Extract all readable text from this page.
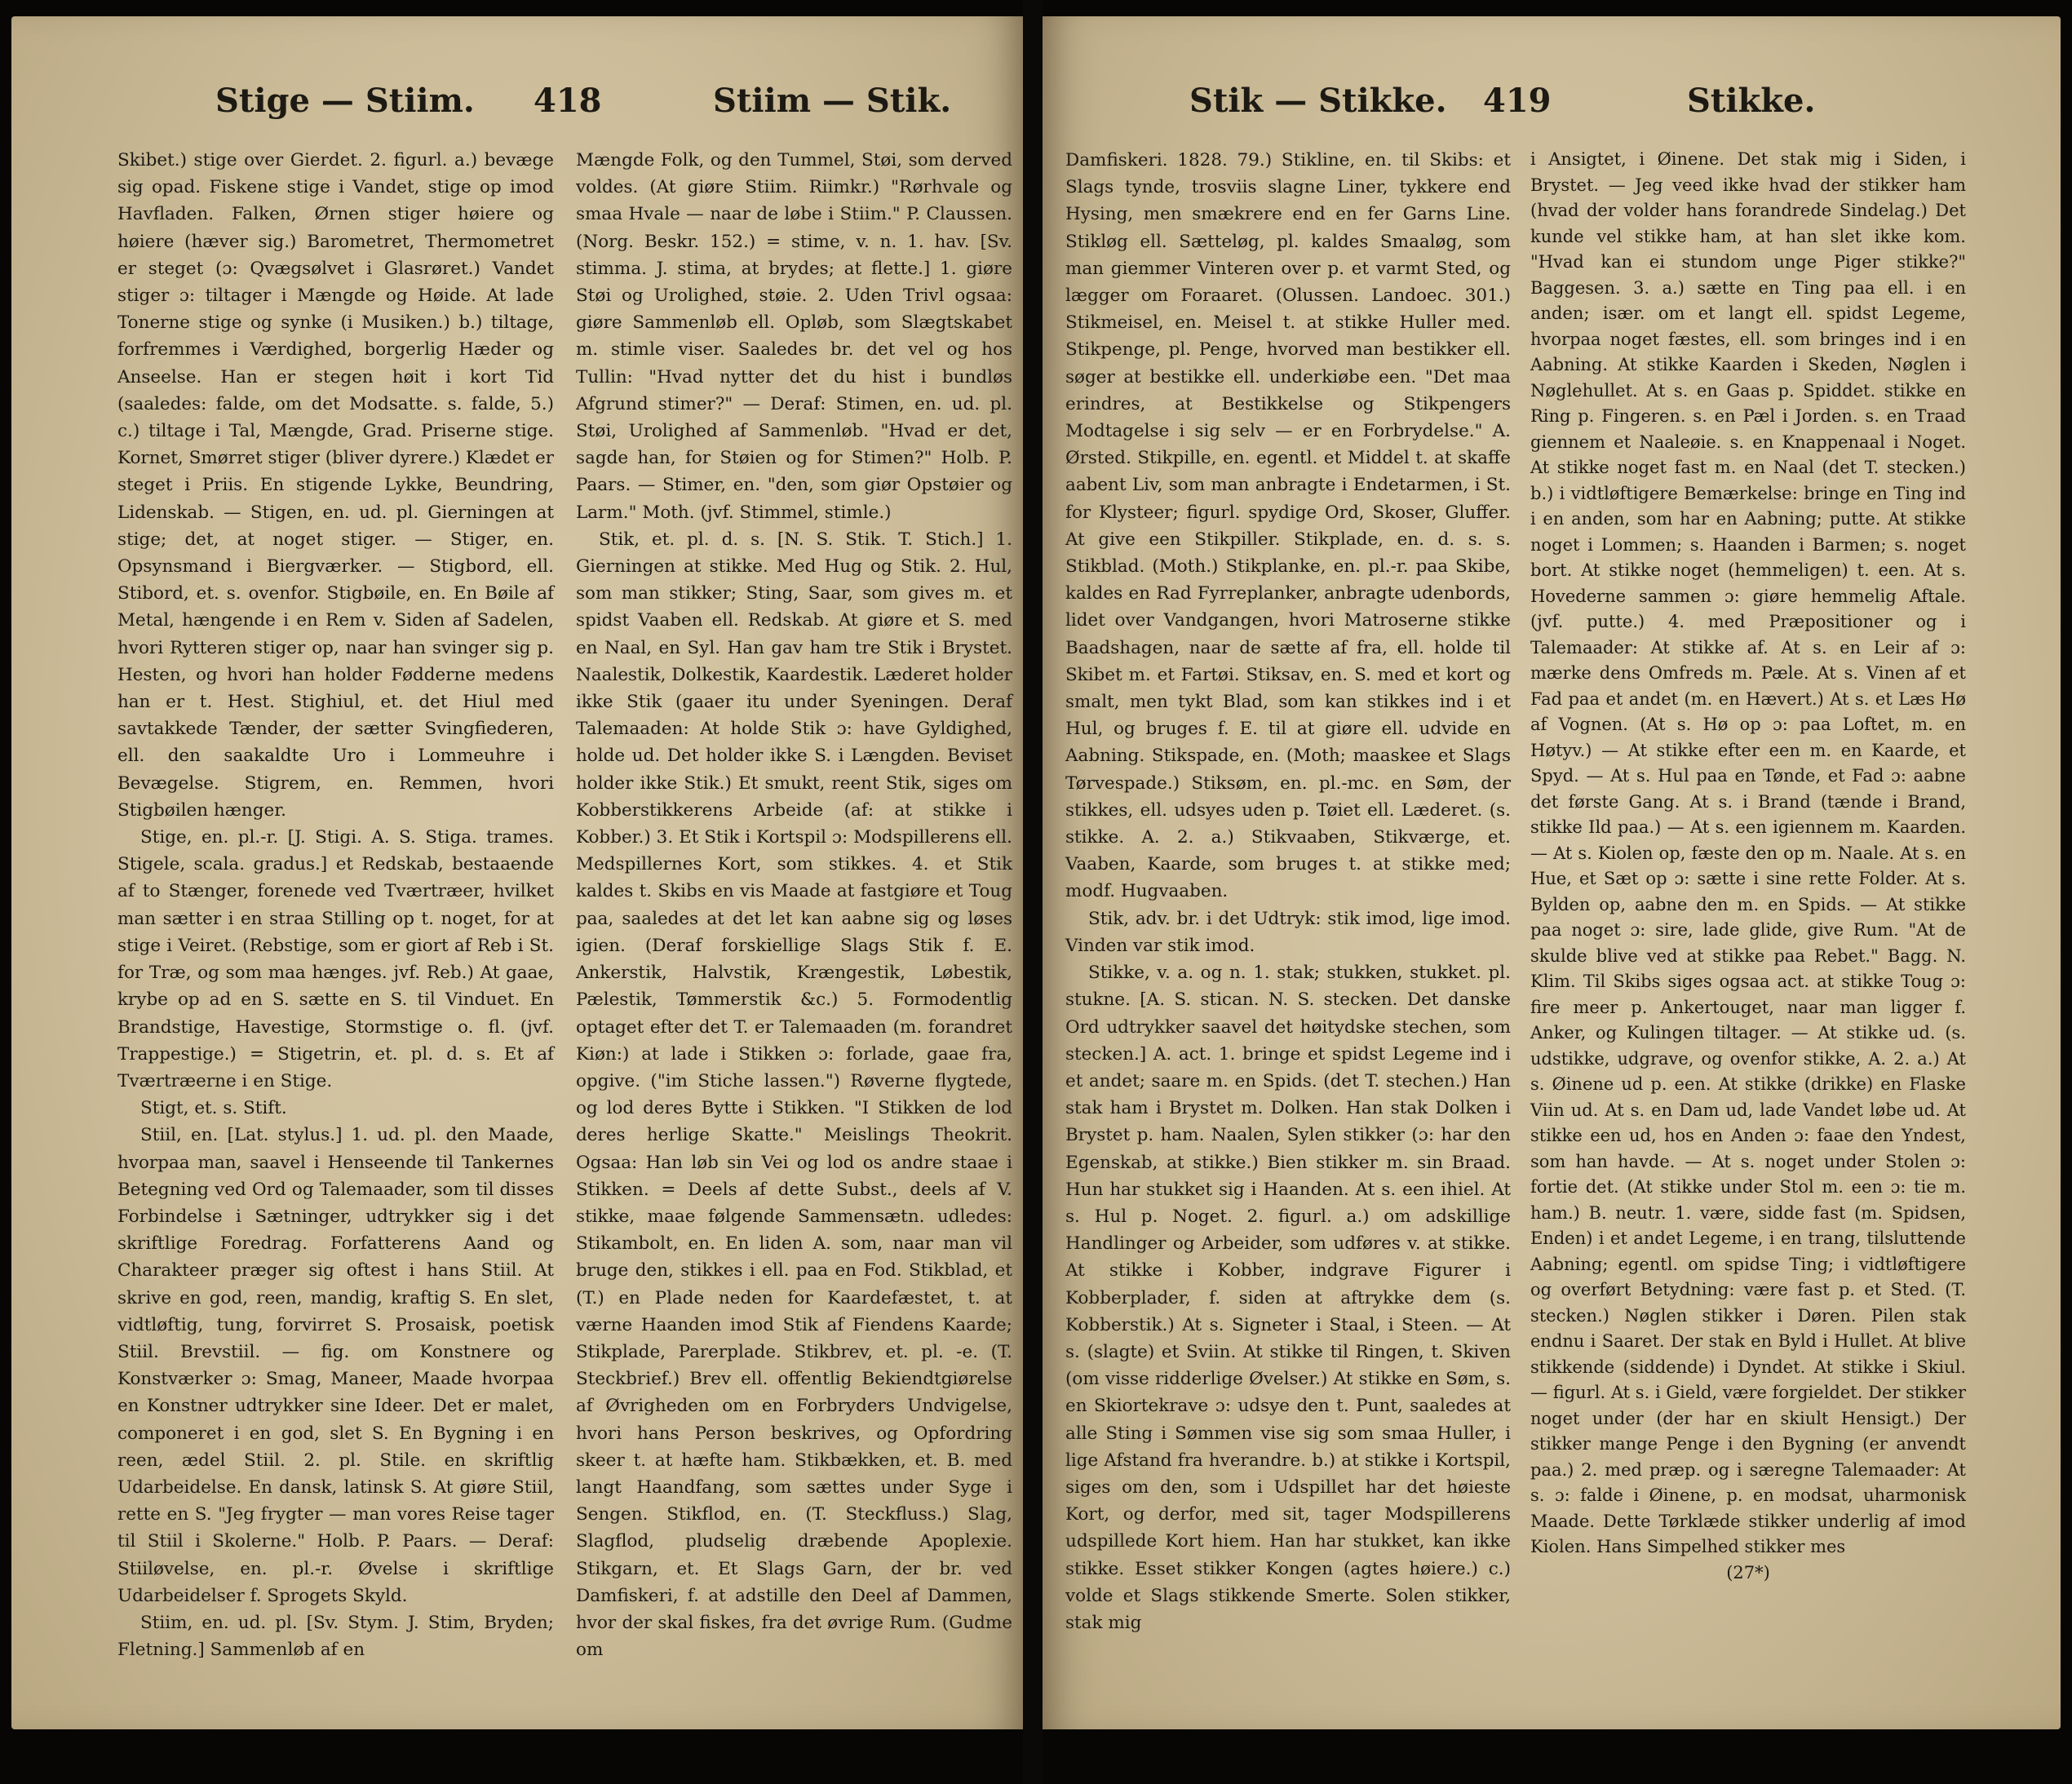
Stige — Stiim. 418	Stiim — Stik.

Skibet.) stige over Gierdet. 2. figurl. a.) bevæge sig opad. Fiskene stige i Vandet, stige op imod Havfladen. Falken, Ørnen stiger høiere og høiere (hæver sig.) Barometret, Thermometret er steget (ɔ: Qvægsølvet i Glasrøret.) Vandet stiger ɔ: tiltager i Mængde og Høide. At lade Tonerne stige og synke (i Musiken.) b.) tiltage, forfremmes i Værdighed, borgerlig Hæder og Anseelse. Han er stegen høit i kort Tid (saaledes: falde, om det Modsatte. s. falde, 5.) c.) tiltage i Tal, Mængde, Grad. Priserne stige. Kornet, Smørret stiger (bliver dyrere.) Klædet er steget i Priis. En stigende Lykke, Beundring, Lidenskab. — Stigen, en. ud. pl. Gierningen at stige; det, at noget stiger. — Stiger, en. Opsynsmand i Biergværker. — Stigbord, ell. Stibord, et. s. ovenfor. Stigbøile, en. En Bøile af Metal, hængende i en Rem v. Siden af Sadelen, hvori Rytteren stiger op, naar han svinger sig p. Hesten, og hvori han holder Fødderne medens han er t. Hest. Stighiul, et. det Hiul med savtakkede Tænder, der sætter Svingfiederen, ell. den saakaldte Uro i Lommeuhre i Bevægelse. Stigrem, en. Remmen, hvori Stigbøilen hænger.

Stige, en. pl.-r. [J. Stigi. A. S. Stiga. trames. Stigele, scala. gradus.] et Redskab, bestaaende af to Stænger, forenede ved Tværtræer, hvilket man sætter i en straa Stilling op t. noget, for at stige i Veiret. (Rebstige, som er giort af Reb i St. for Træ, og som maa hænges. jvf. Reb.) At gaae, krybe op ad en S. sætte en S. til Vinduet. En Brandstige, Havestige, Stormstige o. fl. (jvf. Trappestige.) = Stigetrin, et. pl. d. s. Et af Tværtræerne i en Stige.

Stigt, et. s. Stift.

Stiil, en. [Lat. stylus.] 1. ud. pl. den Maade, hvorpaa man, saavel i Henseende til Tankernes Betegning ved Ord og Talemaader, som til disses Forbindelse i Sætninger, udtrykker sig i det skriftlige Foredrag. Forfatterens Aand og Charakteer præger sig oftest i hans Stiil. At skrive en god, reen, mandig, kraftig S. En slet, vidtløftig, tung, forvirret S. Prosaisk, poetisk Stiil. Brevstiil. — fig. om Konstnere og Konstværker ɔ: Smag, Maneer, Maade hvorpaa en Konstner udtrykker sine Ideer. Det er malet, componeret i en god, slet S. En Bygning i en reen, ædel Stiil. 2. pl. Stile. en skriftlig Udarbeidelse. En dansk, latinsk S. At giøre Stiil, rette en S. "Jeg frygter — man vores Reise tager til Stiil i Skolerne." Holb. P. Paars. — Deraf: Stiiløvelse, en. pl.-r. Øvelse i skriftlige Udarbeidelser f. Sprogets Skyld.

Stiim, en. ud. pl. [Sv. Stym. J. Stim, Bryden; Fletning.] Sammenløb af en

Mængde Folk, og den Tummel, Støi, som derved voldes. (At giøre Stiim. Riimkr.) "Rørhvale og smaa Hvale — naar de løbe i Stiim." P. Claussen. (Norg. Beskr. 152.) = stime, v. n. 1. hav. [Sv. stimma. J. stima, at brydes; at flette.] 1. giøre Støi og Urolighed, støie. 2. Uden Trivl ogsaa: giøre Sammenløb ell. Opløb, som Slægtskabet m. stimle viser. Saaledes br. det vel og hos Tullin: "Hvad nytter det du hist i bundløs Afgrund stimer?" — Deraf: Stimen, en. ud. pl. Støi, Urolighed af Sammenløb. "Hvad er det, sagde han, for Støien og for Stimen?" Holb. P. Paars. — Stimer, en. "den, som giør Opstøier og Larm." Moth. (jvf. Stimmel, stimle.)

Stik, et. pl. d. s. [N. S. Stik. T. Stich.] 1. Gierningen at stikke. Med Hug og Stik. 2. Hul, som man stikker; Sting, Saar, som gives m. et spidst Vaaben ell. Redskab. At giøre et S. med en Naal, en Syl. Han gav ham tre Stik i Brystet. Naalestik, Dolkestik, Kaardestik. Læderet holder ikke Stik (gaaer itu under Syeningen. Deraf Talemaaden: At holde Stik ɔ: have Gyldighed, holde ud. Det holder ikke S. i Længden. Beviset holder ikke Stik.) Et smukt, reent Stik, siges om Kobberstikkerens Arbeide (af: at stikke i Kobber.) 3. Et Stik i Kortspil ɔ: Modspillerens ell. Medspillernes Kort, som stikkes. 4. et Stik kaldes t. Skibs en vis Maade at fastgiøre et Toug paa, saaledes at det let kan aabne sig og løses igien. (Deraf forskiellige Slags Stik f. E. Ankerstik, Halvstik, Krængestik, Løbestik, Pælestik, Tømmerstik &c.) 5. Formodentlig optaget efter det T. er Talemaaden (m. forandret Kiøn:) at lade i Stikken ɔ: forlade, gaae fra, opgive. ("im Stiche lassen.") Røverne flygtede, og lod deres Bytte i Stikken. "I Stikken de lod deres herlige Skatte." Meislings Theokrit. Ogsaa: Han løb sin Vei og lod os andre staae i Stikken. = Deels af dette Subst., deels af V. stikke, maae følgende Sammensætn. udledes: Stikambolt, en. En liden A. som, naar man vil bruge den, stikkes i ell. paa en Fod. Stikblad, et (T.) en Plade neden for Kaardefæstet, t. at værne Haanden imod Stik af Fiendens Kaarde; Stikplade, Parerplade. Stikbrev, et. pl. -e. (T. Steckbrief.) Brev ell. offentlig Bekiendtgiørelse af Øvrigheden om en Forbryders Undvigelse, hvori hans Person beskrives, og Opfordring skeer t. at hæfte ham. Stikbækken, et. B. med langt Haandfang, som sættes under Syge i Sengen. Stikflod, en. (T. Steckfluss.) Slag, Slagflod, pludselig dræbende Apoplexie. Stikgarn, et. Et Slags Garn, der br. ved Damfiskeri, f. at adstille den Deel af Dammen, hvor der skal fiskes, fra det øvrige Rum. (Gudme om

Stik — Stikke. 419	Stikke.

Damfiskeri. 1828. 79.) Stikline, en. til Skibs: et Slags tynde, trosviis slagne Liner, tykkere end Hysing, men smækrere end en fer Garns Line. Stikløg ell. Sætteløg, pl. kaldes Smaaløg, som man giemmer Vinteren over p. et varmt Sted, og lægger om Foraaret. (Olussen. Landoec. 301.) Stikmeisel, en. Meisel t. at stikke Huller med. Stikpenge, pl. Penge, hvorved man bestikker ell. søger at bestikke ell. underkiøbe een. "Det maa erindres, at Bestikkelse og Stikpengers Modtagelse i sig selv — er en Forbrydelse." A. Ørsted. Stikpille, en. egentl. et Middel t. at skaffe aabent Liv, som man anbragte i Endetarmen, i St. for Klysteer; figurl. spydige Ord, Skoser, Gluffer. At give een Stikpiller. Stikplade, en. d. s. s. Stikblad. (Moth.) Stikplanke, en. pl.-r. paa Skibe, kaldes en Rad Fyrreplanker, anbragte udenbords, lidet over Vandgangen, hvori Matroserne stikke Baadshagen, naar de sætte af fra, ell. holde til Skibet m. et Fartøi. Stiksav, en. S. med et kort og smalt, men tykt Blad, som kan stikkes ind i et Hul, og bruges f. E. til at giøre ell. udvide en Aabning. Stikspade, en. (Moth; maaskee et Slags Tørvespade.) Stiksøm, en. pl.-mc. en Søm, der stikkes, ell. udsyes uden p. Tøiet ell. Læderet. (s. stikke. A. 2. a.) Stikvaaben, Stikværge, et. Vaaben, Kaarde, som bruges t. at stikke med; modf. Hugvaaben.

Stik, adv. br. i det Udtryk: stik imod, lige imod. Vinden var stik imod.

Stikke, v. a. og n. 1. stak; stukken, stukket. pl. stukne. [A. S. stican. N. S. stecken. Det danske Ord udtrykker saavel det høitydske stechen, som stecken.] A. act. 1. bringe et spidst Legeme ind i et andet; saare m. en Spids. (det T. stechen.) Han stak ham i Brystet m. Dolken. Han stak Dolken i Brystet p. ham. Naalen, Sylen stikker (ɔ: har den Egenskab, at stikke.) Bien stikker m. sin Braad. Hun har stukket sig i Haanden. At s. een ihiel. At s. Hul p. Noget. 2. figurl. a.) om adskillige Handlinger og Arbeider, som udføres v. at stikke. At stikke i Kobber, indgrave Figurer i Kobberplader, f. siden at aftrykke dem (s. Kobberstik.) At s. Signeter i Staal, i Steen. — At s. (slagte) et Sviin. At stikke til Ringen, t. Skiven (om visse ridderlige Øvelser.) At stikke en Søm, s. en Skiortekrave ɔ: udsye den t. Punt, saaledes at alle Sting i Sømmen vise sig som smaa Huller, i lige Afstand fra hverandre. b.) at stikke i Kortspil, siges om den, som i Udspillet har det høieste Kort, og derfor, med sit, tager Modspillerens udspillede Kort hiem. Han har stukket, kan ikke stikke. Esset stikker Kongen (agtes høiere.) c.) volde et Slags stikkende Smerte. Solen stikker, stak mig

i Ansigtet, i Øinene. Det stak mig i Siden, i Brystet. — Jeg veed ikke hvad der stikker ham (hvad der volder hans forandrede Sindelag.) Det kunde vel stikke ham, at han slet ikke kom. "Hvad kan ei stundom unge Piger stikke?" Baggesen. 3. a.) sætte en Ting paa ell. i en anden; især. om et langt ell. spidst Legeme, hvorpaa noget fæstes, ell. som bringes ind i en Aabning. At stikke Kaarden i Skeden, Nøglen i Nøglehullet. At s. en Gaas p. Spiddet. stikke en Ring p. Fingeren. s. en Pæl i Jorden. s. en Traad giennem et Naaleøie. s. en Knappenaal i Noget. At stikke noget fast m. en Naal (det T. stecken.) b.) i vidtløftigere Bemærkelse: bringe en Ting ind i en anden, som har en Aabning; putte. At stikke noget i Lommen; s. Haanden i Barmen; s. noget bort. At stikke noget (hemmeligen) t. een. At s. Hovederne sammen ɔ: giøre hemmelig Aftale. (jvf. putte.) 4. med Præpositioner og i Talemaader: At stikke af. At s. en Leir af ɔ: mærke dens Omfreds m. Pæle. At s. Vinen af et Fad paa et andet (m. en Hævert.) At s. et Læs Hø af Vognen. (At s. Hø op ɔ: paa Loftet, m. en Høtyv.) — At stikke efter een m. en Kaarde, et Spyd. — At s. Hul paa en Tønde, et Fad ɔ: aabne det første Gang. At s. i Brand (tænde i Brand, stikke Ild paa.) — At s. een igiennem m. Kaarden. — At s. Kiolen op, fæste den op m. Naale. At s. en Hue, et Sæt op ɔ: sætte i sine rette Folder. At s. Bylden op, aabne den m. en Spids. — At stikke paa noget ɔ: sire, lade glide, give Rum. "At de skulde blive ved at stikke paa Rebet." Bagg. N. Klim. Til Skibs siges ogsaa act. at stikke Toug ɔ: fire meer p. Ankertouget, naar man ligger f. Anker, og Kulingen tiltager. — At stikke ud. (s. udstikke, udgrave, og ovenfor stikke, A. 2. a.) At s. Øinene ud p. een. At stikke (drikke) en Flaske Viin ud. At s. en Dam ud, lade Vandet løbe ud. At stikke een ud, hos en Anden ɔ: faae den Yndest, som han havde. — At s. noget under Stolen ɔ: fortie det. (At stikke under Stol m. een ɔ: tie m. ham.) B. neutr. 1. være, sidde fast (m. Spidsen, Enden) i et andet Legeme, i en trang, tilsluttende Aabning; egentl. om spidse Ting; i vidtløftigere og overført Betydning: være fast p. et Sted. (T. stecken.) Nøglen stikker i Døren. Pilen stak endnu i Saaret. Der stak en Byld i Hullet. At blive stikkende (siddende) i Dyndet. At stikke i Skiul. — figurl. At s. i Gield, være forgieldet. Der stikker noget under (der har en skiult Hensigt.) Der stikker mange Penge i den Bygning (er anvendt paa.) 2. med præp. og i særegne Talemaader: At s. ɔ: falde i Øinene, p. en modsat, uharmonisk Maade. Dette Tørklæde stikker underlig af imod Kiolen. Hans Simpelhed stikker mes

(27*)
